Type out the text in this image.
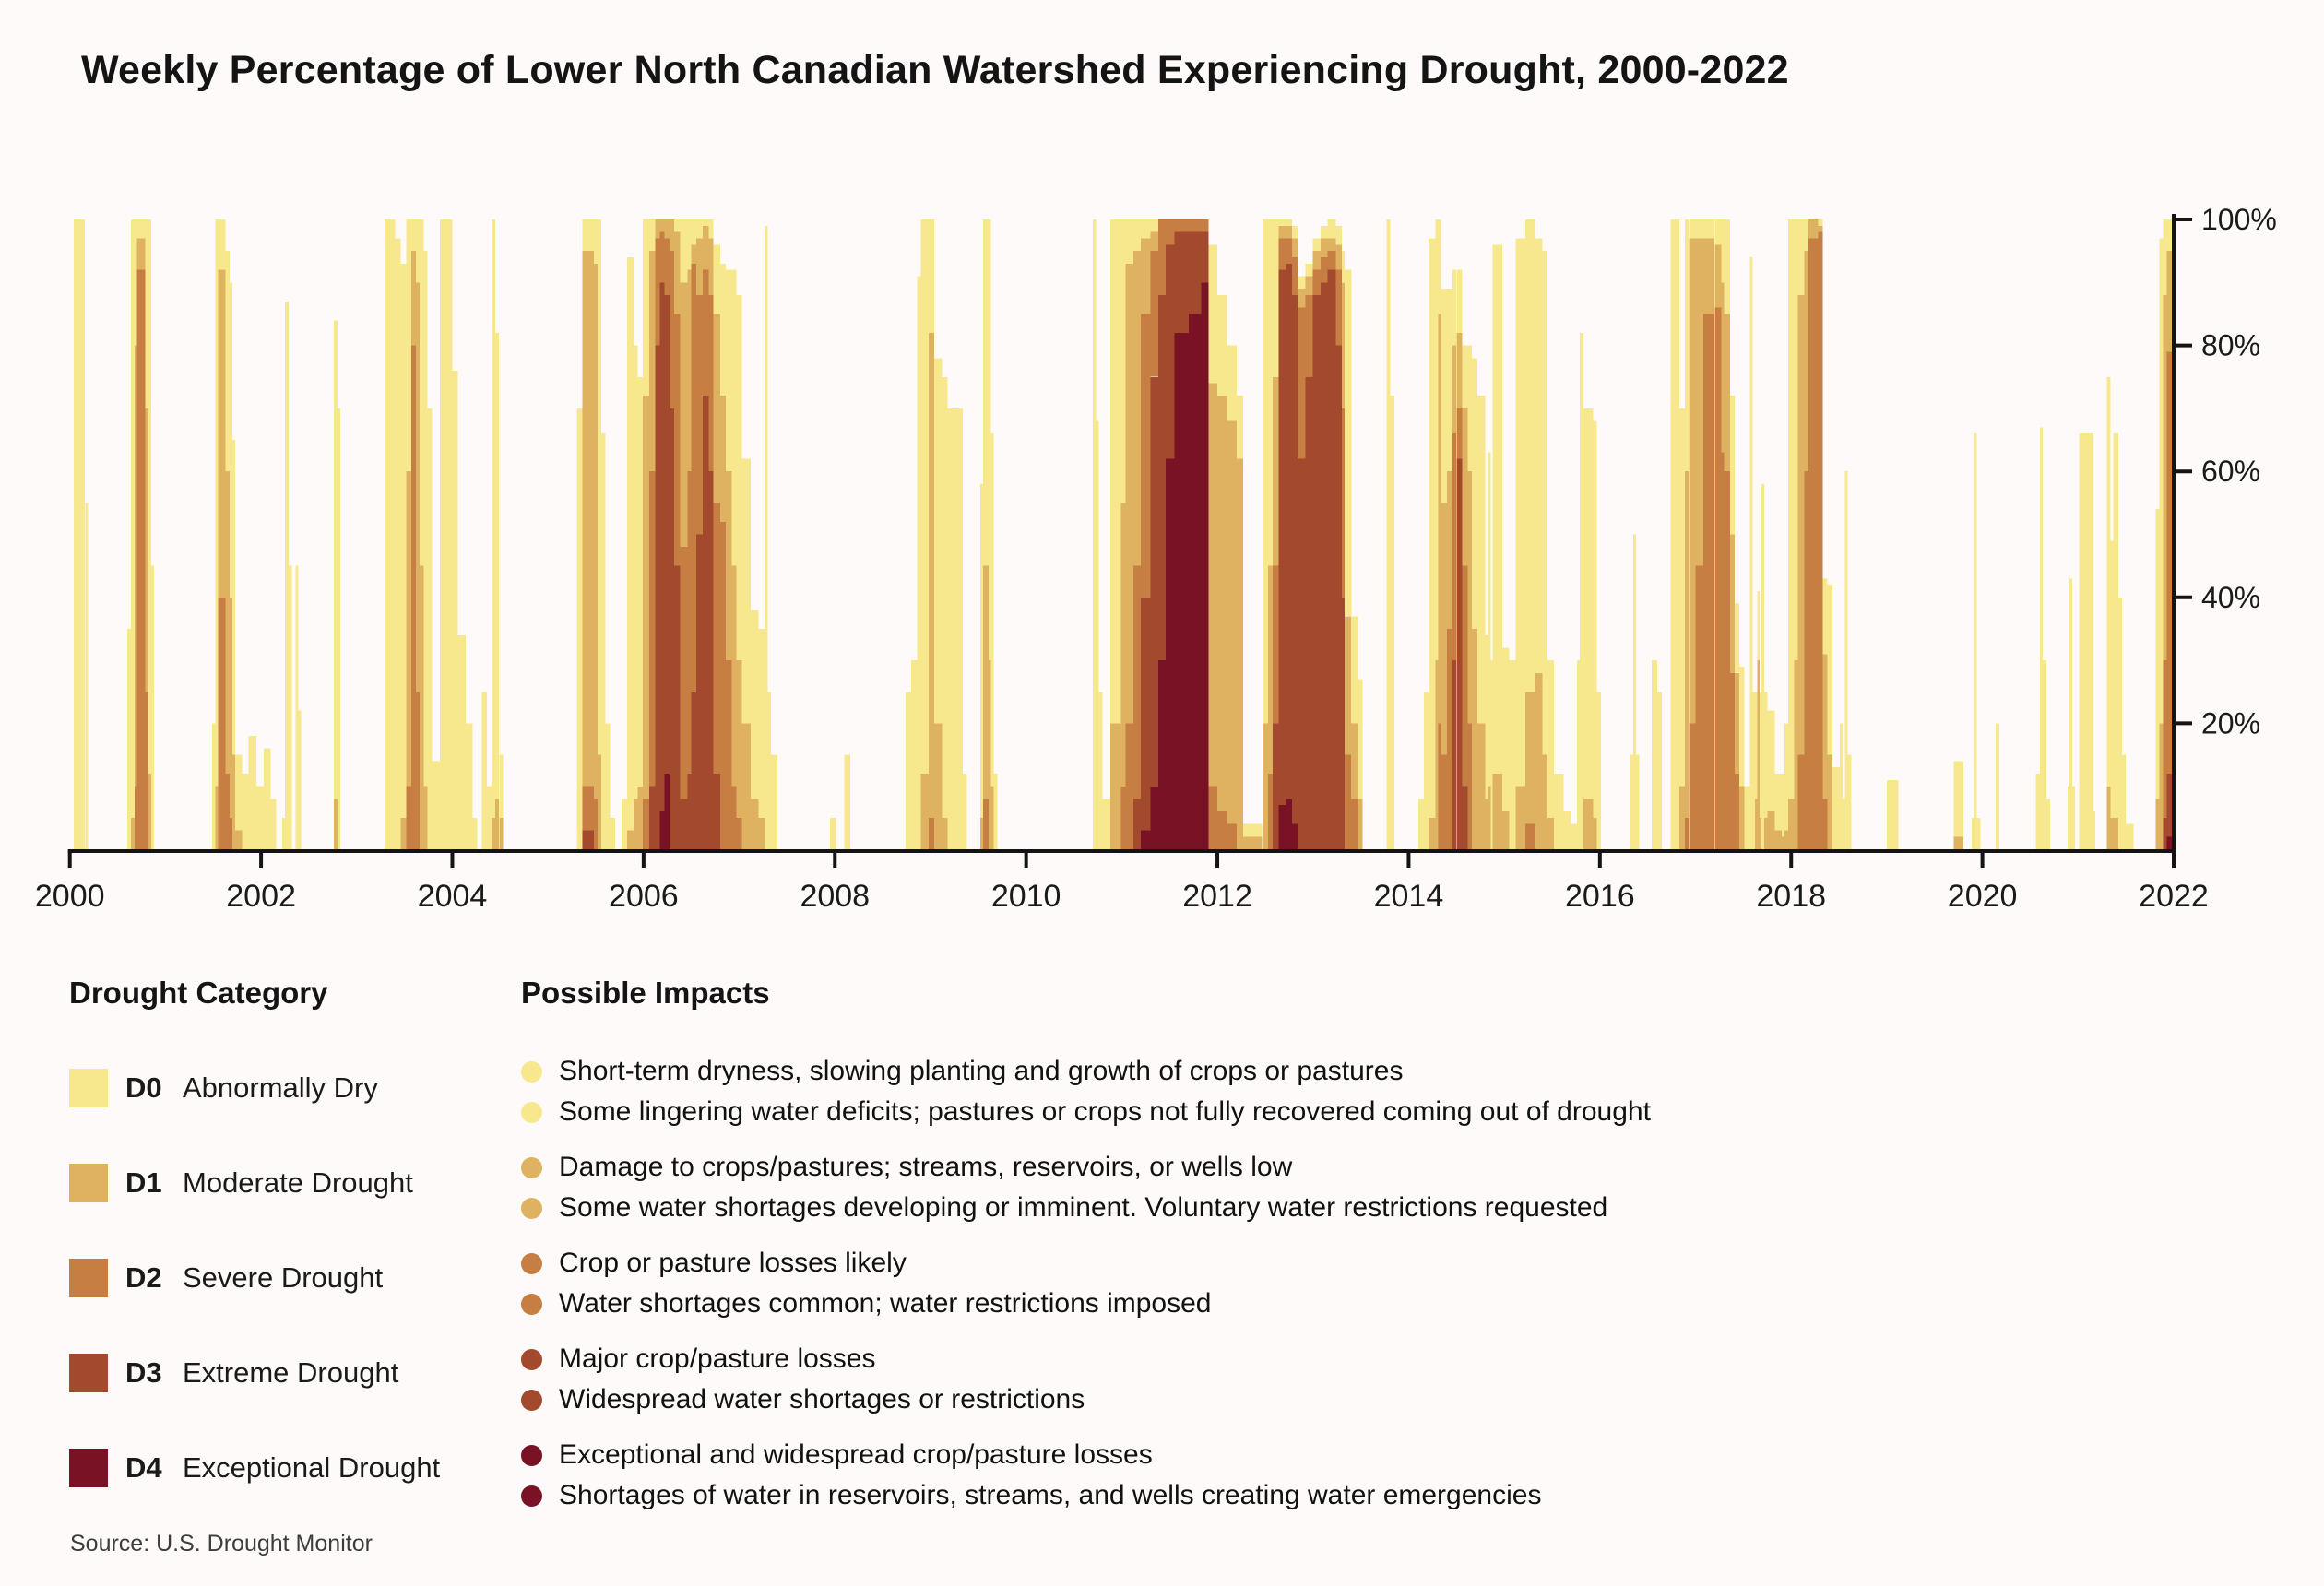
Weekly Percentage of Lower North Canadian Watershed Experiencing Drought, 2000-2022
2000	2002	2004	2006	2008	2010	2012	2014	2016	2018	2020	2022
20%
40%
60%
80%
100%
Drought Category
D0 Abnormally Dry
D1 Moderate Drought
D2 Severe Drought
D3 Extreme Drought
D4 Exceptional Drought
Possible Impacts
Short-term dryness, slowing planting and growth of crops or pastures
Some lingering water deficits; pastures or crops not fully recovered coming out of drought
Damage to crops/pastures; streams, reservoirs, or wells low
Some water shortages developing or imminent. Voluntary water restrictions requested
Crop or pasture losses likely
Water shortages common; water restrictions imposed
Major crop/pasture losses
Widespread water shortages or restrictions
Exceptional and widespread crop/pasture losses
Shortages of water in reservoirs, streams, and wells creating water emergencies
Source: U.S. Drought Monitor
